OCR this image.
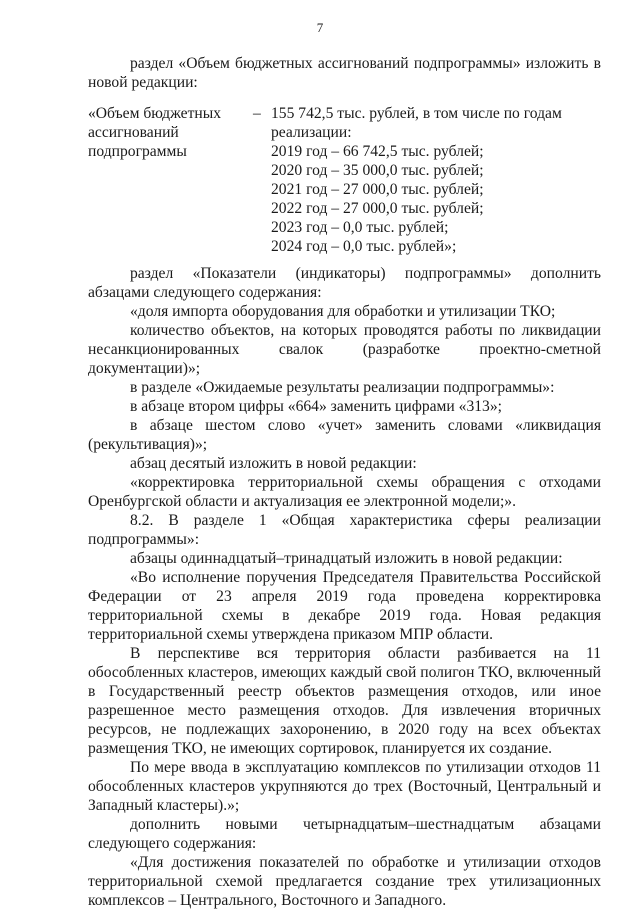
7

раздел «Объем бюджетных ассигнований подпрограммы» изложить в новой редакции:

«Объем бюджетных
ассигнований
подпрограммы
– 155 742,5 тыс. рублей, в том числе по годам
реализации:
2019 год – 66 742,5 тыс. рублей;
2020 год – 35 000,0 тыс. рублей;
2021 год – 27 000,0 тыс. рублей;
2022 год – 27 000,0 тыс. рублей;
2023 год – 0,0 тыс. рублей;
2024 год – 0,0 тыс. рублей»;

раздел «Показатели (индикаторы) подпрограммы» дополнить абзацами следующего содержания:

«доля импорта оборудования для обработки и утилизации ТКО;

количество объектов, на которых проводятся работы по ликвидации несанкционированных свалок (разработке проектно-сметной документации)»;

в разделе «Ожидаемые результаты реализации подпрограммы»:

в абзаце втором цифры «664» заменить цифрами «313»;

в абзаце шестом слово «учет» заменить словами «ликвидация (рекультивация)»;

абзац десятый изложить в новой редакции:

«корректировка территориальной схемы обращения с отходами Оренбургской области и актуализация ее электронной модели;».

8.2. В разделе 1 «Общая характеристика сферы реализации подпрограммы»:

абзацы одиннадцатый–тринадцатый изложить в новой редакции:

«Во исполнение поручения Председателя Правительства Российской Федерации от 23 апреля 2019 года проведена корректировка территориальной схемы в декабре 2019 года. Новая редакция территориальной схемы утверждена приказом МПР области.

В перспективе вся территория области разбивается на 11 обособленных кластеров, имеющих каждый свой полигон ТКО, включенный в Государственный реестр объектов размещения отходов, или иное разрешенное место размещения отходов. Для извлечения вторичных ресурсов, не подлежащих захоронению, в 2020 году на всех объектах размещения ТКО, не имеющих сортировок, планируется их создание.

По мере ввода в эксплуатацию комплексов по утилизации отходов 11 обособленных кластеров укрупняются до трех (Восточный, Центральный и Западный кластеры).»;

дополнить новыми четырнадцатым–шестнадцатым абзацами следующего содержания:

«Для достижения показателей по обработке и утилизации отходов территориальной схемой предлагается создание трех утилизационных комплексов – Центрального, Восточного и Западного.
